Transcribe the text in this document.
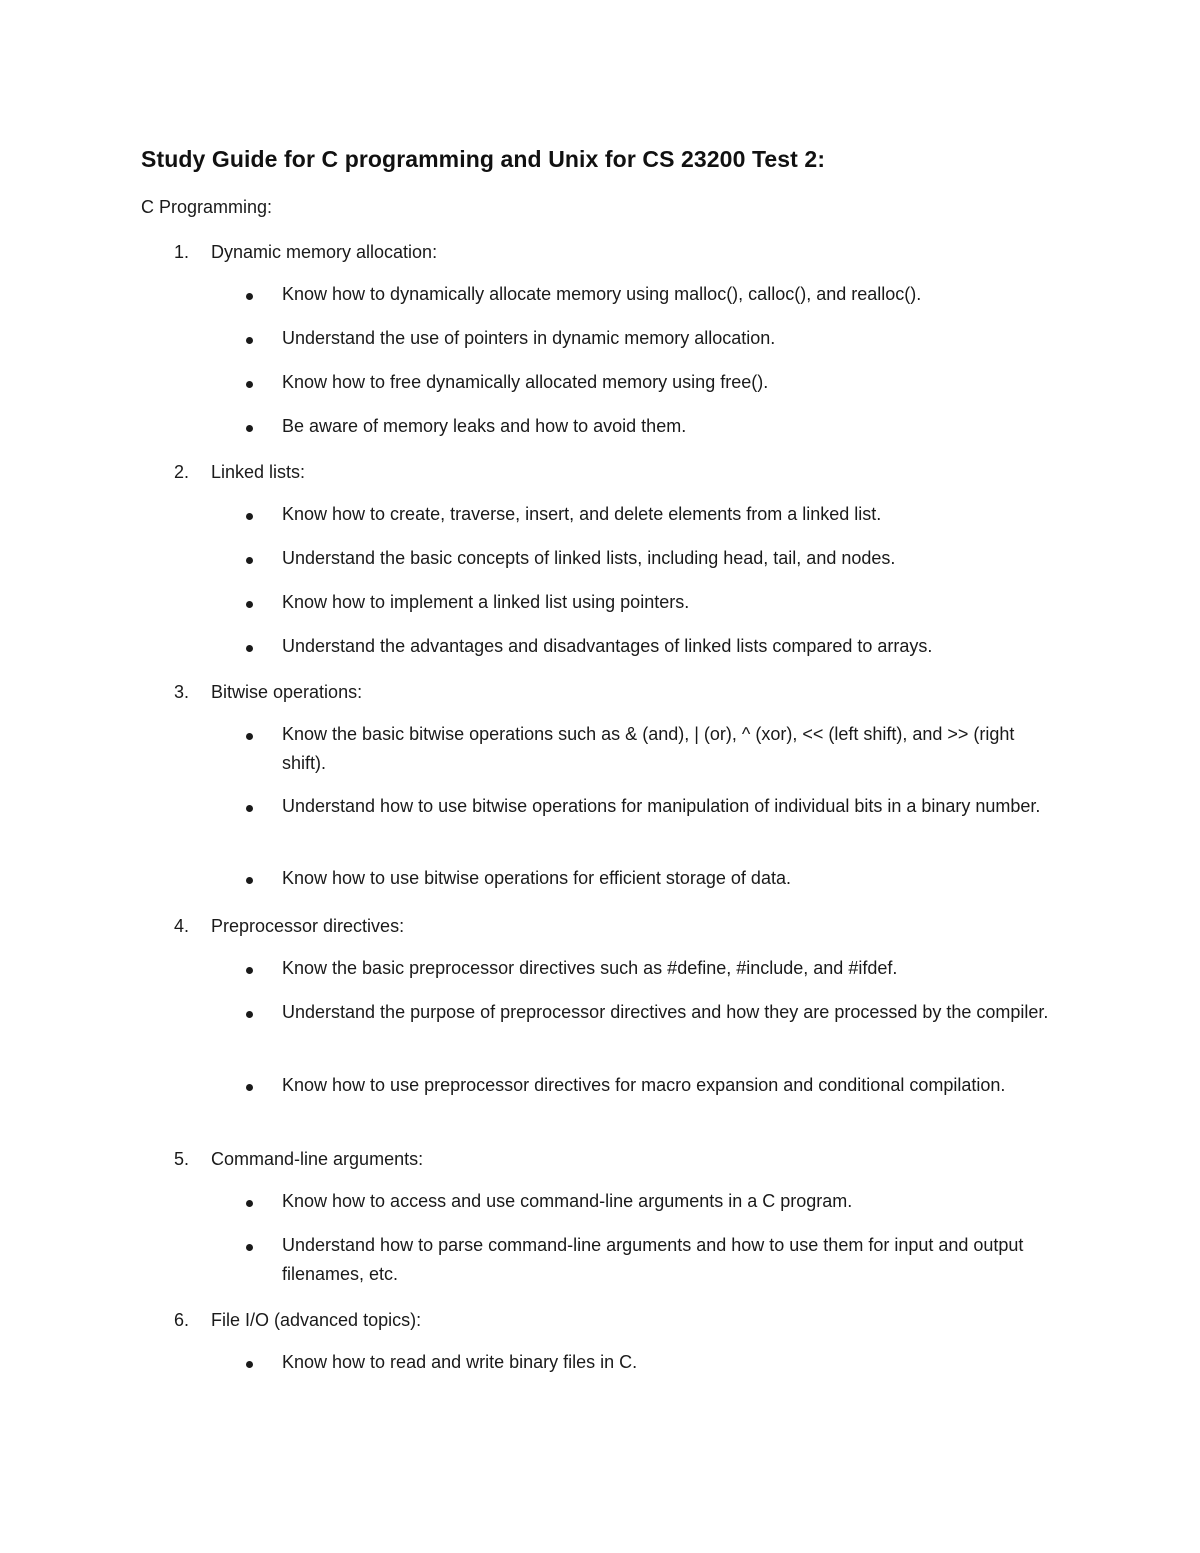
Study Guide for C programming and Unix for CS 23200 Test 2:
C Programming:
1. Dynamic memory allocation:
Know how to dynamically allocate memory using malloc(), calloc(), and realloc().
Understand the use of pointers in dynamic memory allocation.
Know how to free dynamically allocated memory using free().
Be aware of memory leaks and how to avoid them.
2. Linked lists:
Know how to create, traverse, insert, and delete elements from a linked list.
Understand the basic concepts of linked lists, including head, tail, and nodes.
Know how to implement a linked list using pointers.
Understand the advantages and disadvantages of linked lists compared to arrays.
3. Bitwise operations:
Know the basic bitwise operations such as & (and), | (or), ^ (xor), << (left shift), and >> (right shift).
Understand how to use bitwise operations for manipulation of individual bits in a binary number.
Know how to use bitwise operations for efficient storage of data.
4. Preprocessor directives:
Know the basic preprocessor directives such as #define, #include, and #ifdef.
Understand the purpose of preprocessor directives and how they are processed by the compiler.
Know how to use preprocessor directives for macro expansion and conditional compilation.
5. Command-line arguments:
Know how to access and use command-line arguments in a C program.
Understand how to parse command-line arguments and how to use them for input and output filenames, etc.
6. File I/O (advanced topics):
Know how to read and write binary files in C.
